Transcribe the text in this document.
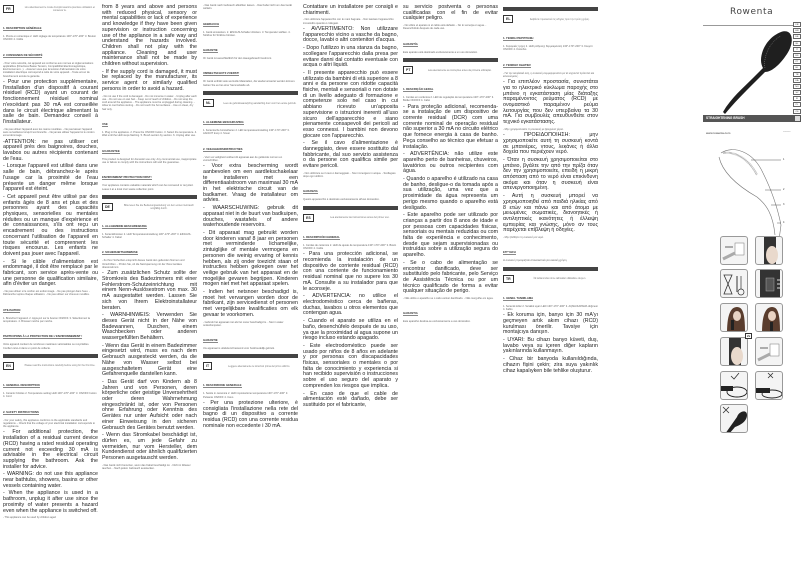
FR	Lire attentivement le mode d'emploi avant la première utilisation et conserver le.
1. DESCRIPTION GÉNÉRALE
1. Picots en céramique 2. LED réglage de température 130°-170°-200° 3. Bouton ON/OFF 4. Câble
2. CONSIGNES DE SÉCURITÉ
- Pour votre sécurité, cet appareil est conforme aux normes et réglementations applicables (Directives Basse Tension, Compatibilité Electromagnétique, Environnement...). - Assurez-vous que la tension d'alimentation de votre installation électrique correspond à celle de votre appareil. - Toute erreur de branchement annule la garantie.
- Pour une protection supplémentaire, l'installation d'un dispositif à courant résiduel (RCD) ayant un courant de fonctionnement résiduel nominal n'excédant pas 30 mA est conseillée dans le circuit électrique alimentant la salle de bain. Demandez conseil à l'installateur.
- Ne pas utiliser l'appareil avec les mains mouillées. - Ne pas laisser l'appareil sans surveillance lorsqu'il est branché. - Ne jamais utiliser l'appareil si le cordon est endommagé.
-ATTENTION: ne pas utiliser cet appareil près des baignoires, douches, lavabos ou autres récipients contenant de l'eau.
- Lorsque l'appareil est utilisé dans une salle de bain, débranchez-le après l'usage car la proximité de l'eau présente un danger même lorsque l'appareil est éteint.
- Cet appareil peut être utilisé par des enfants âgés de 8 ans et plus et des personnes ayant des capacités physiques, sensorielles ou mentales réduites ou un manque d'expérience et de connaissances, s'ils ont reçu un encadrement ou des instructions concernant l'utilisation de l'appareil en toute sécurité et comprennent les risques encourus. Les enfants ne doivent pas jouer avec l'appareil.
- Si le câble d'alimentation est endommagé, il doit être remplacé par le fabricant, son service après-vente ou une personne de qualification similaire, afin d'éviter un danger.
- Ne pas utiliser si le cordon est endommagé. - Ne pas plonger dans l'eau. - Débrancher après chaque utilisation. - Ne pas utiliser sur cheveux mouillés.
UTILISATION
1. Branchez l'appareil. 2. Appuyez sur le bouton ON/OFF. 3. Sélectionnez la température. 4. Brossez mèche par mèche.
PARTICIPONS À LA PROTECTION DE L'ENVIRONNEMENT !
Votre appareil contient de nombreux matériaux valorisables ou recyclables. Confiez celui-ci dans un point de collecte.
EN	Please read the instructions carefully before using for the first time.
1. GENERAL DESCRIPTION
1. Ceramic bristles 2. Temperature setting LED 130°-170°-200° 3. ON/OFF button 4. Cord
2. SAFETY INSTRUCTIONS
- For your safety, this appliance conforms to the applicable standards and regulations. - Check that the voltage of your electrical installation corresponds to the appliance.
- For additional protection, the installation of a residual current device (RCD) having a rated residual operating current not exceeding 30 mA is advisable in the electrical circuit supplying the bathroom. Ask the installer for advice.
- WARNING: do not use this appliance near bathtubs, showers, basins or other vessels containing water.
- When the appliance is used in a bathroom, unplug it after use since the proximity of water presents a hazard even when the appliance is switched off.
- This appliance can be used by children aged
from 8 years and above and persons with reduced physical, sensory or mental capabilities or lack of experience and knowledge if they have been given supervision or instruction concerning use of the appliance in a safe way and understand the hazards involved. Children shall not play with the appliance. Cleaning and user maintenance shall not be made by children without supervision.
- If the supply cord is damaged, it must be replaced by the manufacturer, its service agent or similarly qualified persons in order to avoid a hazard.
- Do not use if the cord is damaged. - Do not immerse in water. - Unplug after each use. - Do not use on wet hair. - Keep out of reach of children. - Do not wrap the cord around the appliance. - The appliance must be unplugged during cleaning. - Allow to cool before storing. - Do not touch the hot surfaces. - Use on clean, dry hair only.
USE
1. Plug in the appliance. 2. Press the ON/OFF button. 3. Select the temperature. 4. Wait until the LED stops flashing. 5. Brush section by section. 6. Unplug after use.
GUARANTEE
This product is designed for domestic use only. Any commercial use, inappropriate use or failure to comply with the instructions will void the guarantee.
ENVIRONMENT PROTECTION FIRST!
Your appliance contains valuable materials which can be recovered or recycled. Leave it at a local civic waste collection point.
DE	Bitte lesen Sie die Bedienungsanleitung vor dem ersten Gebrauch sorgfältig durch.
1. ALLGEMEINE BESCHREIBUNG
1. Keramikborsten 2. LED Temperatureinstellung 130°-170°-200° 3. EIN/AUS-Schalter 4. Kabel
2. SICHERHEITSHINWEISE
- Zu Ihrer Sicherheit entspricht dieses Gerät den geltenden Normen und Vorschriften. - Prüfen Sie, ob die Netzspannung mit der Ihres Gerätes übereinstimmt.
- Zum zusätzlichen Schutz sollte der Stromkreis des Badezimmers mit einer Fehlerstrom-Schutzeinrichtung mit einem Nenn-Auslösestrom von max. 30 mA ausgestattet werden. Lassen Sie sich von Ihrem Elektroinstallateur beraten.
- WARNHINWEIS: Verwenden Sie dieses Gerät nicht in der Nähe von Badewannen, Duschen, einem Waschbecken oder anderen wassergefüllten Behältern.
- Wenn das Gerät in einem Badezimmer eingesetzt wird, muss es nach dem Gebrauch ausgesteckt werden, da die Nähe von Wasser selbst bei ausgeschaltetem Gerät eine Gefahrenquelle darstellen kann.
- Das Gerät darf von Kindern ab 8 Jahren und von Personen, deren körperliche oder geistige Unversehrtheit oder deren Wahrnehmung eingeschränkt ist, oder von Personen ohne Erfahrung oder Kenntnis des Gerätes nur unter Aufsicht oder nach einer Einweisung in den sicheren Gebrauch des Gerätes benutzt werden.
- Wenn das Stromkabel beschädigt ist, dürfen es, um jede Gefahr zu vermeiden, nur vom Hersteller, dem Kundendienst oder ähnlich qualifizierten Personen ausgetauscht werden.
- Das Gerät nicht benutzen, wenn das Kabel beschädigt ist. - Nicht in Wasser tauchen. - Nach jedem Gebrauch ausstecken.
- Das Gerät nach Gebrauch abkühlen lassen. - Das Kabel nicht um das Gerät wickeln.
GEBRAUCH
1. Gerät einstecken. 2. EIN/AUS-Schalter drücken. 3. Temperatur wählen. 4. Strähne für Strähne bürsten.
GARANTIE
Ihr Gerät ist ausschließlich für den Hausgebrauch bestimmt.
UMWELTSCHUTZ ZUERST!
Ihr Gerät enthält viele wertvolle Materialien, die wiederverwertet werden können. Geben Sie es bei einer Sammelstelle ab.
NL	Lees de gebruiksaanwijzing aandachtig door voor het eerste gebruik.
1. ALGEMENE BESCHRIJVING
1. Keramische borstelharen 2. LED temperatuurinstelling 130°-170°-200° 3. AAN/UIT knop 4. Snoer
2. VEILIGHEIDSINSTRUCTIES
- Voor uw veiligheid voldoet dit apparaat aan de geldende normen en voorschriften.
- Voor extra bescherming wordt aanbevolen om een aardlekschakelaar te installeren met een differentiaalstroom van maximaal 30 mA in het elektrische circuit van de badkamer. Vraag de installateur om advies.
- WAARSCHUWING: gebruik dit apparaat niet in de buurt van badkuipen, douches, wastafels of andere waterhoudende reservoirs.
- Dit apparaat mag gebruikt worden door kinderen vanaf 8 jaar en personen met verminderde lichamelijke, zintuiglijke of mentale vermogens en personen die weinig ervaring of kennis hebben, als zij onder toezicht staan of instructies hebben gekregen over het veilige gebruik van het apparaat en de mogelijke gevaren begrijpen. Kinderen mogen niet met het apparaat spelen.
- Indien het netsnoer beschadigd is, moet het vervangen worden door de fabrikant, zijn servicedienst of personen met vergelijkbare kwalificaties om elk gevaar te voorkomen.
- Gebruik het apparaat niet als het snoer beschadigd is. - Niet in water onderdompelen.
GARANTIE
Uw apparaat is uitsluitend bestemd voor huishoudelijk gebruik.
IT	Leggere attentamente le istruzioni prima del primo utilizzo.
1. DESCRIZIONE GENERALE
1. Setole in ceramica 2. LED impostazione temperatura 130°-170°-200° 3. Pulsante ON/OFF 4. Cavo
- Per una protezione ulteriore, è consigliata l'installazione nella rete del bagno di un dispositivo a corrente residua (RCD) con una corrente residua nominale non eccedente i 30 mA.
Contattare un installatore per consigli e chiarimenti.
- Non utilizzare l'apparecchio con le mani bagnate. - Non lasciare l'apparecchio incustodito quando è collegato.
- AVVERTIMENTO: Non utilizzare l'apparecchio vicino a vasche da bagno, docce, lavabi o altri contenitori d'acqua.
- Dopo l'utilizzo in una stanza da bagno, scollegare l'apparecchio dalla presa per evitare danni dal contatto eventuale con acqua o altri liquidi.
- Il presente apparecchio può essere utilizzato da bambini di età superiore a 8 anni e da persone con ridotte capacità fisiche, mentali e sensoriali o non dotate di un livello adeguato di formazione e competenze solo nel caso in cui abbiano ricevuto un'apposita supervisione o istruzioni inerenti all'uso sicuro dell'apparecchio e siano pienamente consapevoli dei pericoli ad esso connessi. I bambini non devono giocare con l'apparecchio.
- Se il cavo d'alimentazione è danneggiato, deve essere sostituito dal fabbricante, dal suo servizio assistenza o da persone con qualifica simile per evitare pericoli.
- Non utilizzare se il cavo è danneggiato. - Non immergere in acqua. - Scollegare dopo ogni utilizzo.
GARANZIA
Questo apparecchio è destinato esclusivamente all'uso domestico.
ES	Lea atentamente las instrucciones antes del primer uso.
1. DESCRIPCIÓN GENERAL
1. Cerdas de cerámica 2. LED de ajuste de temperatura 130°-170°-200° 3. Botón ON/OFF 4. Cable
- Para una protección adicional, se recomienda la instalación de un dispositivo de corriente residual (RCD) con una corriente de funcionamiento residual nominal que no supere los 30 mA. Consulte a su instalador para que le aconseje.
- ADVERTENCIA: no utilice el electrodoméstico cerca de bañeras, duchas, lavabos u otros elementos que contengan agua.
- Cuando el aparato se utiliza en el baño, desenchúfelo después de su uso, ya que la proximidad al agua supone un riesgo incluso estando apagado.
- Este electrodoméstico puede ser usado por niños de 8 años en adelante y por personas con discapacidades físicas, sensoriales o mentales o por falta de conocimiento y experiencia si han recibido supervisión o instrucciones sobre el uso seguro del aparato y comprenden los riesgos que implica.
- En caso de que el cable de alimentación esté dañado, debe ser sustituido por el fabricante,
su servicio postventa o personas cualificadas con el fin de evitar cualquier peligro.
- No utilice el aparato si el cable está dañado. - No lo sumerja en agua. - Desenchúfelo después de cada uso.
GARANTÍA
Este aparato está destinado exclusivamente a un uso doméstico.
PT	Leia atentamente as instruções antes da primeira utilização.
1. DESCRIÇÃO GERAL
1. Cerdas em cerâmica 2. LED de regulação de temperatura 130°-170°-200° 3. Botão ON/OFF 4. Cabo
- Para proteção adicional, recomenda-se a instalação de um dispositivo de corrente residual (DCR) com uma corrente nominal de operação residual não superior a 30 mA no circuito elétrico que fornece energia à casa de banho. Peça conselho ao técnico que efetuar a instalação.
- ADVERTÊNCIA: não utilize este aparelho perto de banheiras, chuveiros, lavatórios ou outros recipientes com água.
- Quando o aparelho é utilizado na casa de banho, desligue-o da tomada após a sua utilização, uma vez que a proximidade da água representa um perigo mesmo quando o aparelho está desligado.
- Este aparelho pode ser utilizado por crianças a partir dos 8 anos de idade e por pessoas com capacidades físicas, sensoriais ou mentais reduzidas ou com falta de experiência e conhecimento, desde que sejam supervisionadas ou instruídas sobre a utilização segura do aparelho.
- Se o cabo de alimentação se encontrar danificado, deve ser substituído pelo fabricante, pelo Serviço de Assistência Técnica ou por um técnico qualificado de forma a evitar qualquer situação de perigo.
- Não utilize o aparelho se o cabo estiver danificado. - Não mergulhe em água.
GARANTIA
Este aparelho destina-se exclusivamente a uso doméstico.
EL	Διαβάστε προσεκτικά τις οδηγίες πριν την πρώτη χρήση.
1. ΓΕΝΙΚΗ ΠΕΡΙΓΡΑΦΗ
1. Κεραμικές τρίχες 2. LED ρύθμισης θερμοκρασίας 130°-170°-200° 3. Κουμπί ON/OFF 4. Καλώδιο
2. ΓΕΝΙΚΕΣ ΟΔΗΓΙΕΣ
- Για την ασφάλειά σας, η συσκευή συμμορφώνεται με τα ισχύοντα πρότυπα και κανονισμούς.
- Για επιπλέον προστασία, συνιστάται για το ηλεκτρικό κύκλωμα παροχής στο μπάνιο η εγκατάσταση μίας διάταξης παραμένοντος ρεύματος (RCD) με ονομαστικό παραμένον ρεύμα λειτουργίας που δεν υπερβαίνει τα 30 mA. Για συμβουλές απευθυνθείτε στον τεχνικό εγκατάστασης.
- Μην χρησιμοποιείτε τη συσκευή με βρεγμένα χέρια.
- ΠΡΟΕΙΔΟΠΟΙΗΣΗ: μην χρησιμοποιείτε αυτή τη συσκευή κοντά σε μπανιέρες, ντους, λεκάνες ή άλλα δοχεία που περιέχουν νερό.
- Όταν η συσκευή χρησιμοποιείται στο μπάνιο, βγάλτε την από την πρίζα όταν δεν την χρησιμοποιείτε, επειδή η μικρή απόσταση από το νερό είναι επικίνδυνη ακόμα και όταν η συσκευή είναι απενεργοποιημένη.
- Αυτή η συσκευή μπορεί να χρησιμοποιηθεί από παιδιά ηλικίας από 8 ετών και πάνω και από άτομα με μειωμένες σωματικές, διανοητικές ή αντιληπτικές ικανότητες ή έλλειψη εμπειρίας και γνώσης, μόνο αν τους παρέχεται επίβλεψη ή οδηγίες.
- Μην βυθίζετε τη συσκευή σε νερό.
ΕΓΓΥΗΣΗ
Η συσκευή προορίζεται αποκλειστικά για οικιακή χρήση.
TR	İlk kullanımdan önce talimatları dikkatlice okuyun.
1. GENEL TANIMLAMA
1. Seramik kıllar 2. Sıcaklık ayarı LED 130°-170°-200° 3. AÇMA/KAPAMA düğmesi 4. Kablo
- Ek koruma için, banyo için 30 mA'yı geçmeyen artık akım cihazı (RCD) kurulması önerilir. Tavsiye için montajcıya danışın.
- UYARI: Bu cihazı banyo küveti, duş, lavabo veya su içeren diğer kapların yakınlarında kullanmayın.
- Cihaz bir banyoda kullanıldığında, cihazın fişini çekin; zira suya yakınlık cihaz kapalıyken bile tehlike oluşturur.
Rowenta
FR
EN
DE
NL
IT
ES
PT
EL
TR
DA
NO
SV
FI
PL
CS
STRAIGHTENING BRUSH
www.rowenta.com	▭▭▭▭
1
2
3
4
2x
